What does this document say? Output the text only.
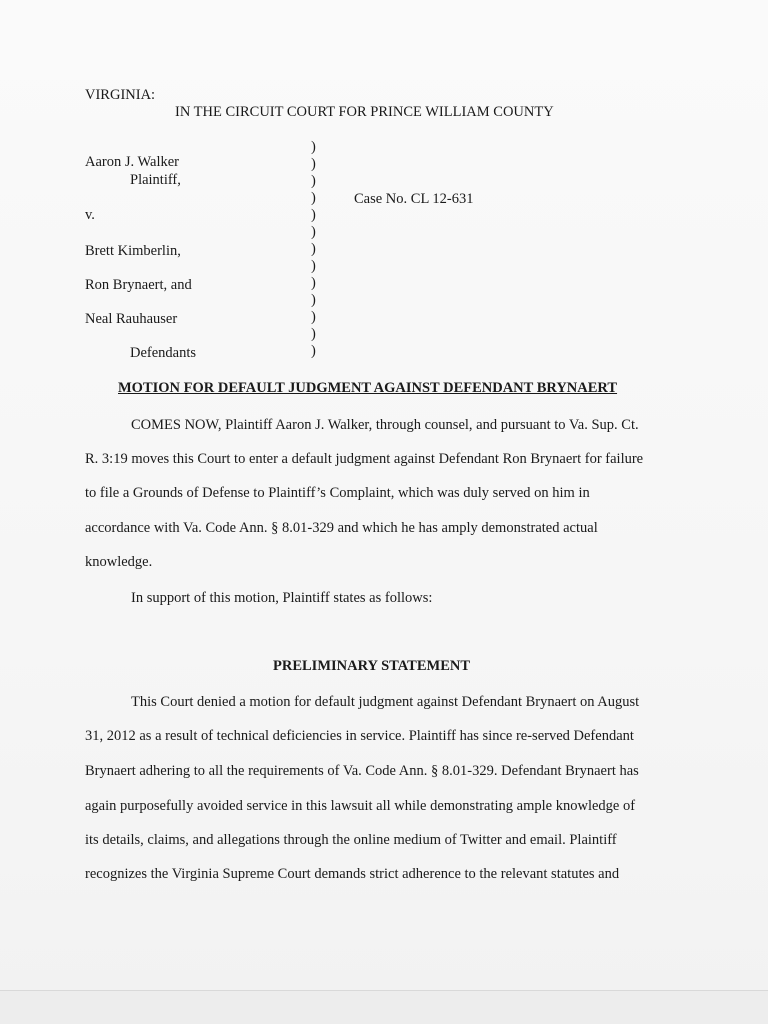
VIRGINIA:
IN THE CIRCUIT COURT FOR PRINCE WILLIAM COUNTY
Aaron J. Walker
Plaintiff,
v.
Brett Kimberlin,
Ron Brynaert, and
Neal Rauhauser
Defendants
)
)
)
)
)
)
)
)
)
)
)
)
)
Case No. CL 12-631
MOTION FOR DEFAULT JUDGMENT AGAINST DEFENDANT BRYNAERT
COMES NOW, Plaintiff Aaron J. Walker, through counsel, and pursuant to Va. Sup. Ct.
R. 3:19 moves this Court to enter a default judgment against Defendant Ron Brynaert for failure
to file a Grounds of Defense to Plaintiff’s Complaint, which was duly served on him in
accordance with Va. Code Ann. § 8.01-329 and which he has amply demonstrated actual
knowledge.
In support of this motion, Plaintiff states as follows:
PRELIMINARY STATEMENT
This Court denied a motion for default judgment against Defendant Brynaert on August
31, 2012 as a result of technical deficiencies in service. Plaintiff has since re-served Defendant
Brynaert adhering to all the requirements of Va. Code Ann. § 8.01-329. Defendant Brynaert has
again purposefully avoided service in this lawsuit all while demonstrating ample knowledge of
its details, claims, and allegations through the online medium of Twitter and email. Plaintiff
recognizes the Virginia Supreme Court demands strict adherence to the relevant statutes and
